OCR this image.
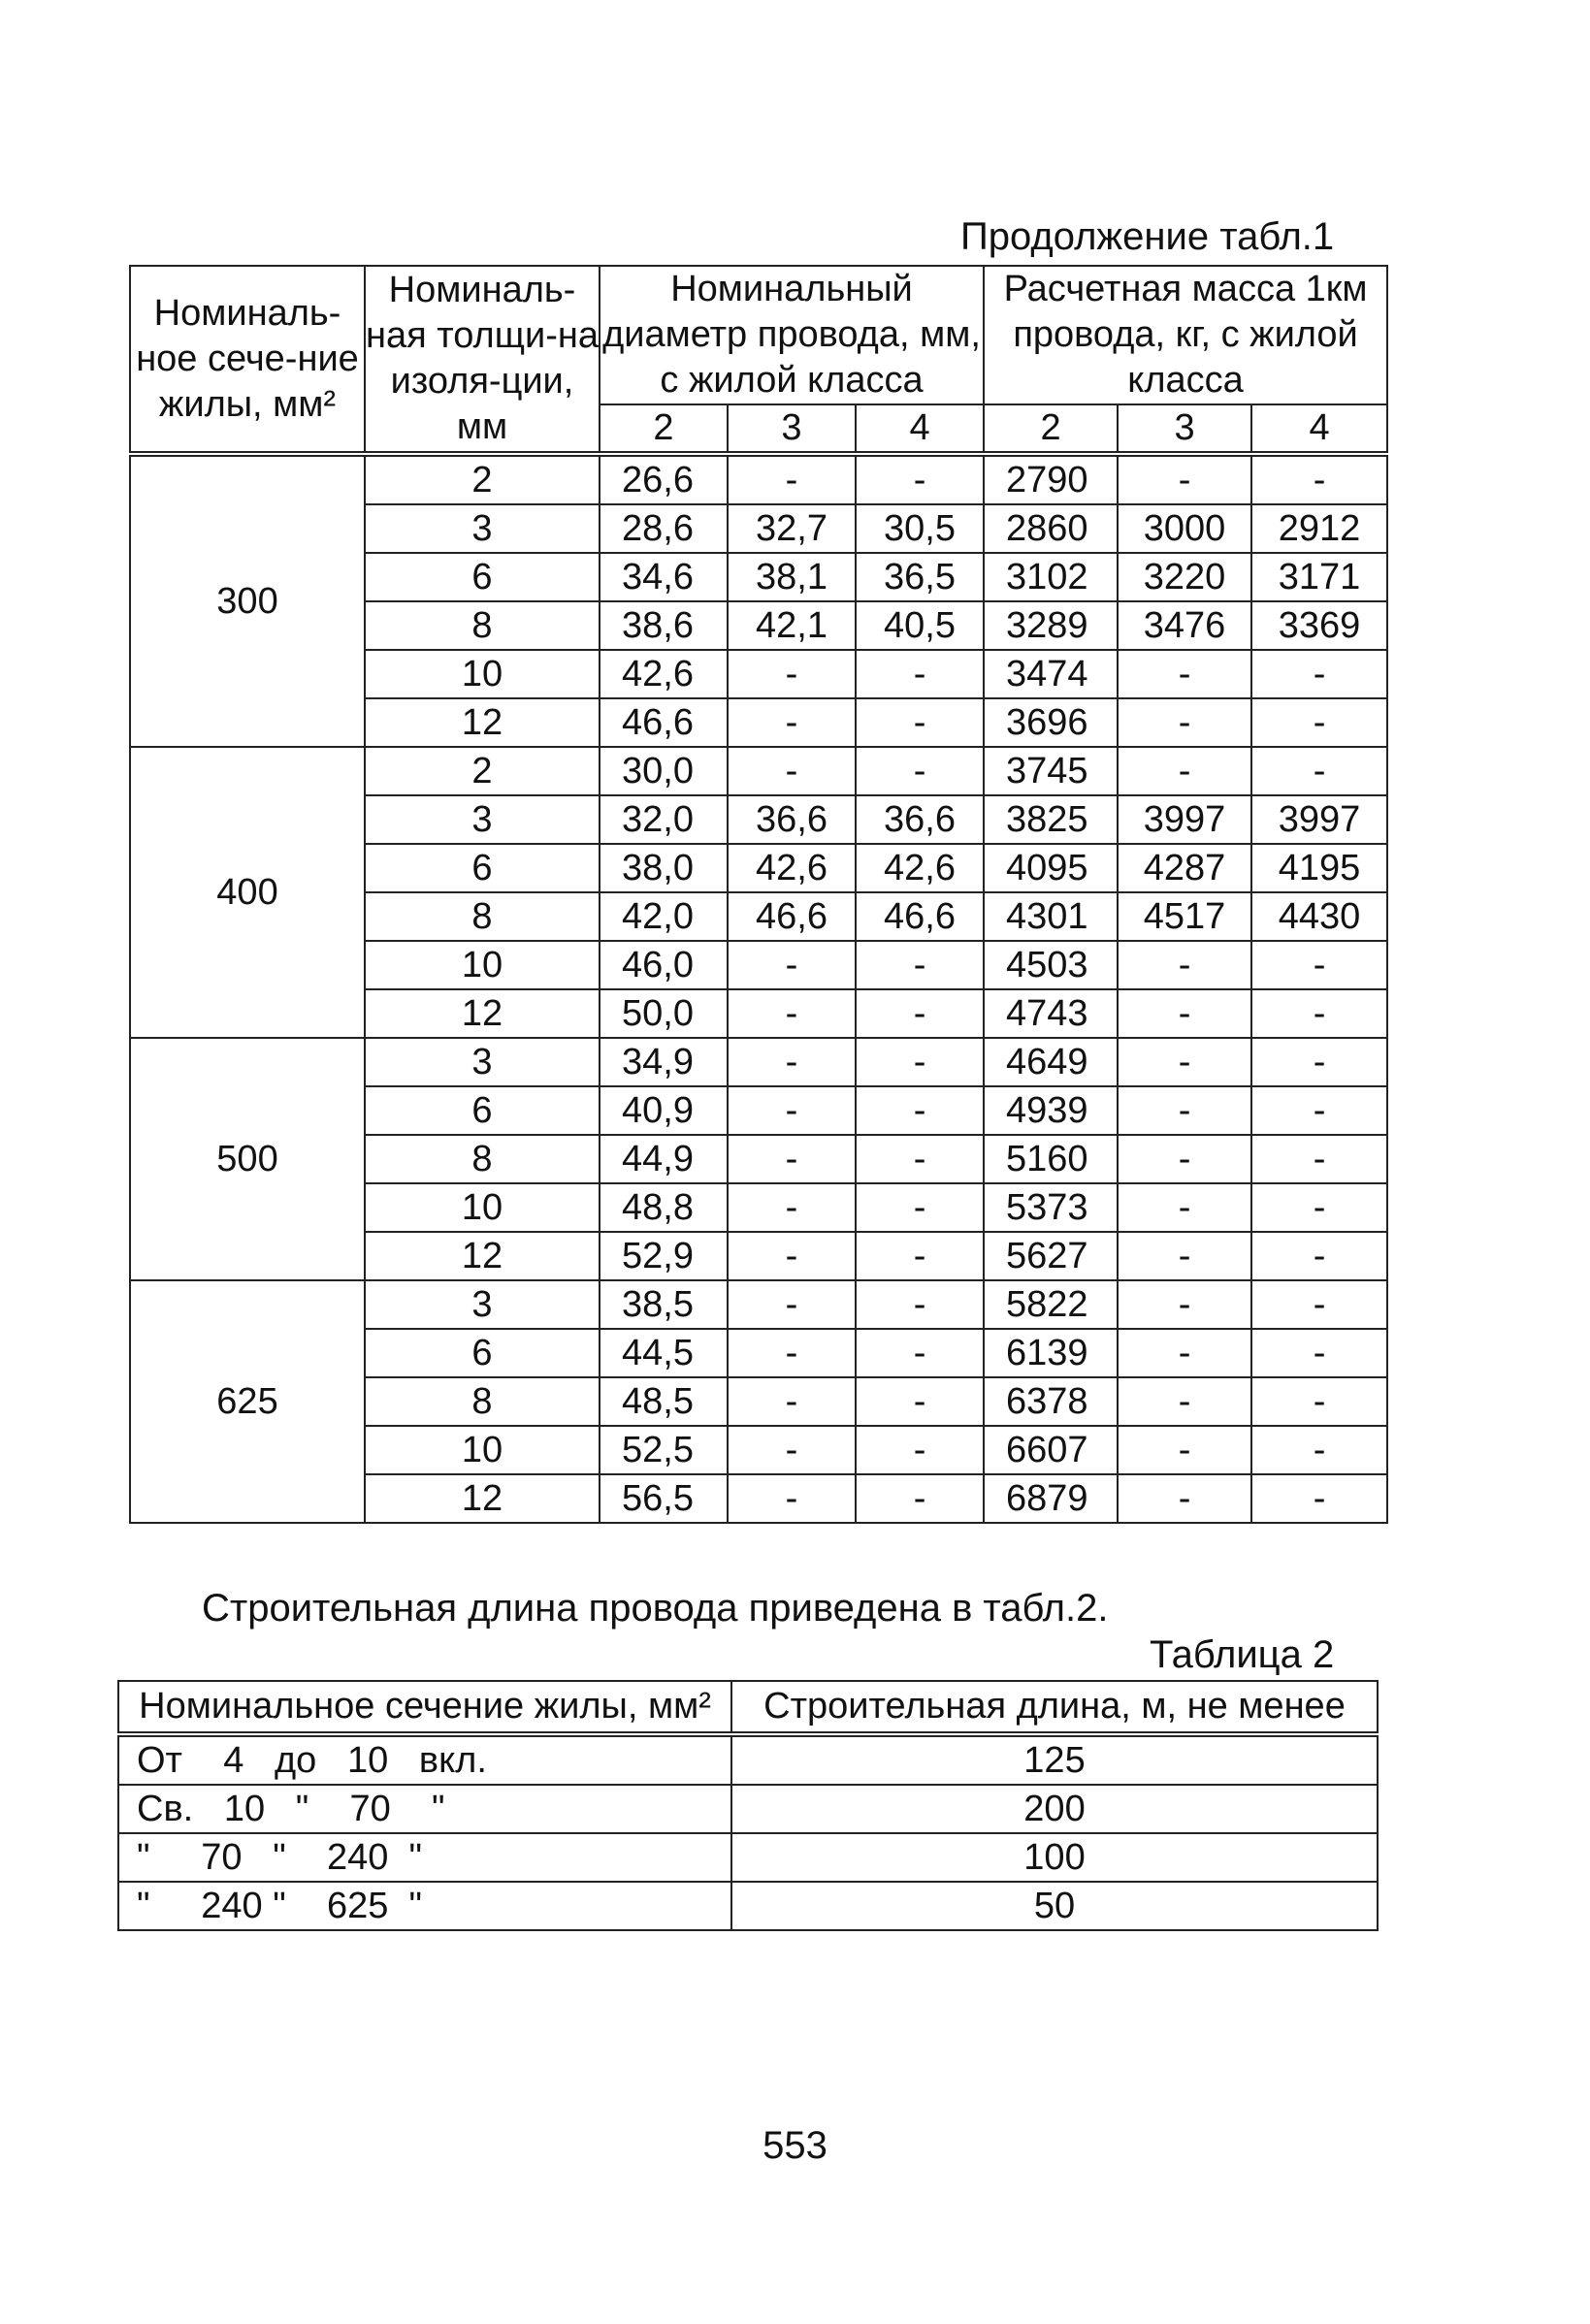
Продолжение табл.1
Номиналь-ное сече-ние жилы, мм²	Номиналь-ная толщи-на изоля-ции, мм	Номинальный диаметр провода, мм, с жилой класса			Расчетная масса 1км провода, кг, с жилой класса		
		2	3	4	2	3	4
300	2	26,6	-	-	2790	-	-
	3	28,6	32,7	30,5	2860	3000	2912
	6	34,6	38,1	36,5	3102	3220	3171
	8	38,6	42,1	40,5	3289	3476	3369
	10	42,6	-	-	3474	-	-
	12	46,6	-	-	3696	-	-
400	2	30,0	-	-	3745	-	-
	3	32,0	36,6	36,6	3825	3997	3997
	6	38,0	42,6	42,6	4095	4287	4195
	8	42,0	46,6	46,6	4301	4517	4430
	10	46,0	-	-	4503	-	-
	12	50,0	-	-	4743	-	-
500	3	34,9	-	-	4649	-	-
	6	40,9	-	-	4939	-	-
	8	44,9	-	-	5160	-	-
	10	48,8	-	-	5373	-	-
	12	52,9	-	-	5627	-	-
625	3	38,5	-	-	5822	-	-
	6	44,5	-	-	6139	-	-
	8	48,5	-	-	6378	-	-
	10	52,5	-	-	6607	-	-
	12	56,5	-	-	6879	-	-
Строительная длина провода приведена в табл.2.
Таблица 2
Номинальное сечение жилы, мм²	Строительная длина, м, не менее
От    4   до   10   вкл.	125
Св.   10   "    70    "	200
"     70   "    240  "	100
"     240 "    625  "	50
553
